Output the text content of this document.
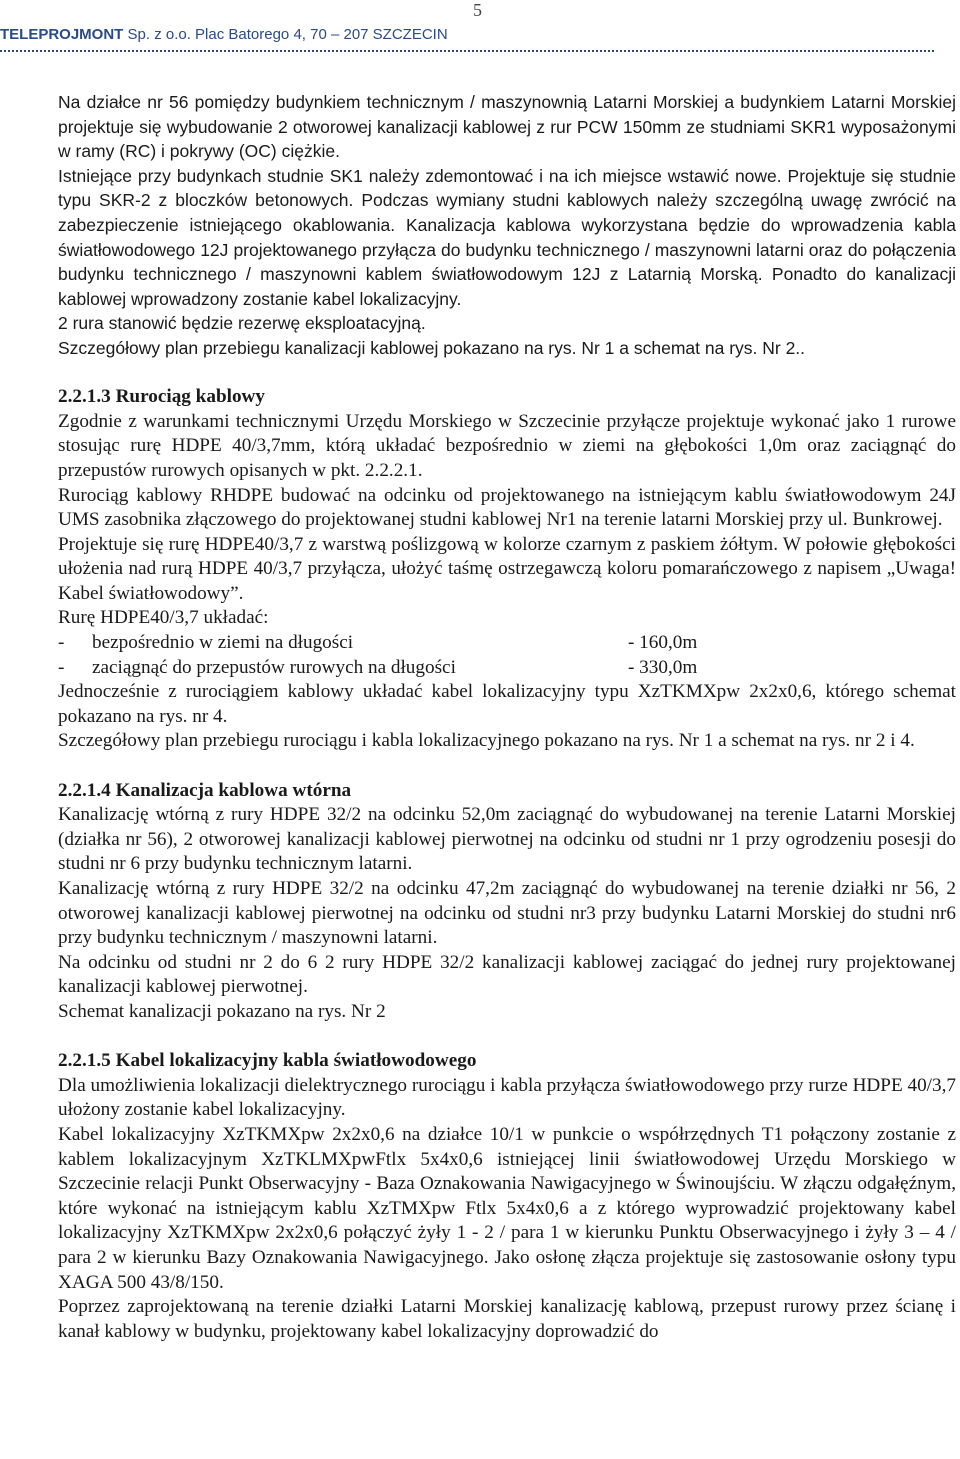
5
TELEPROJMONT Sp. z o.o. Plac Batorego 4, 70 – 207 SZCZECIN

Na działce nr 56 pomiędzy budynkiem technicznym / maszynownią Latarni Morskiej a budynkiem Latarni Morskiej projektuje się wybudowanie 2 otworowej kanalizacji kablowej z rur PCW 150mm ze studniami SKR1 wyposażonymi w ramy (RC) i pokrywy (OC) ciężkie.

Istniejące przy budynkach studnie SK1 należy zdemontować i na ich miejsce wstawić nowe. Projektuje się studnie typu SKR-2 z bloczków betonowych. Podczas wymiany studni kablowych należy szczególną uwagę zwrócić na zabezpieczenie istniejącego okablowania. Kanalizacja kablowa wykorzystana będzie do wprowadzenia kabla światłowodowego 12J projektowanego przyłącza do budynku technicznego / maszynowni latarni oraz do połączenia budynku technicznego / maszynowni kablem światłowodowym 12J z Latarnią Morską. Ponadto do kanalizacji kablowej wprowadzony zostanie kabel lokalizacyjny.

2 rura stanowić będzie rezerwę eksploatacyjną.

Szczegółowy plan przebiegu kanalizacji kablowej pokazano na rys. Nr 1 a schemat na rys. Nr 2..

2.2.1.3 Rurociąg kablowy

Zgodnie z warunkami technicznymi Urzędu Morskiego w Szczecinie przyłącze projektuje wykonać jako 1 rurowe stosując rurę HDPE 40/3,7mm, którą układać bezpośrednio w ziemi na głębokości 1,0m oraz zaciągnąć do przepustów rurowych opisanych w pkt. 2.2.2.1.

Rurociąg kablowy RHDPE budować na odcinku od projektowanego na istniejącym kablu światłowodowym 24J UMS zasobnika złączowego do projektowanej studni kablowej Nr1 na terenie latarni Morskiej przy ul. Bunkrowej.

Projektuje się rurę HDPE40/3,7 z warstwą poślizgową w kolorze czarnym z paskiem żółtym. W połowie głębokości ułożenia nad rurą HDPE 40/3,7 przyłącza, ułożyć taśmę ostrzegawczą koloru pomarańczowego z napisem „Uwaga! Kabel światłowodowy”.

Rurę HDPE40/3,7 układać:

-	bezpośrednio w ziemi na długości	- 160,0m
-	zaciągnąć do przepustów rurowych na długości	- 330,0m

Jednocześnie z rurociągiem kablowy układać kabel lokalizacyjny typu XzTKMXpw 2x2x0,6, którego schemat pokazano na rys. nr 4.

Szczegółowy plan przebiegu rurociągu i kabla lokalizacyjnego pokazano na rys. Nr 1 a schemat na rys. nr 2 i 4.

2.2.1.4 Kanalizacja kablowa wtórna

Kanalizację wtórną z rury HDPE 32/2 na odcinku 52,0m zaciągnąć do wybudowanej na terenie Latarni Morskiej (działka nr 56), 2 otworowej kanalizacji kablowej pierwotnej na odcinku od studni nr 1 przy ogrodzeniu posesji do studni nr 6 przy budynku technicznym latarni.

Kanalizację wtórną z rury HDPE 32/2 na odcinku 47,2m zaciągnąć do wybudowanej na terenie działki nr 56, 2 otworowej kanalizacji kablowej pierwotnej na odcinku od studni nr3 przy budynku Latarni Morskiej do studni nr6 przy budynku technicznym / maszynowni latarni.

Na odcinku od studni nr 2 do 6 2 rury HDPE 32/2 kanalizacji kablowej zaciągać do jednej rury projektowanej kanalizacji kablowej pierwotnej.

Schemat kanalizacji pokazano na rys. Nr 2

2.2.1.5 Kabel lokalizacyjny kabla światłowodowego

Dla umożliwienia lokalizacji dielektrycznego rurociągu i kabla przyłącza światłowodowego przy rurze HDPE 40/3,7 ułożony zostanie kabel lokalizacyjny.

Kabel lokalizacyjny XzTKMXpw 2x2x0,6 na działce 10/1 w punkcie o współrzędnych T1 połączony zostanie z kablem lokalizacyjnym XzTKLMXpwFtlx 5x4x0,6 istniejącej linii światłowodowej Urzędu Morskiego w Szczecinie relacji Punkt Obserwacyjny - Baza Oznakowania Nawigacyjnego w Świnoujściu. W złączu odgałęźnym, które wykonać na istniejącym kablu XzTMXpw Ftlx 5x4x0,6 a z którego wyprowadzić projektowany kabel lokalizacyjny XzTKMXpw 2x2x0,6 połączyć żyły 1 - 2 / para 1 w kierunku Punktu Obserwacyjnego i żyły 3 – 4 / para 2 w kierunku Bazy Oznakowania Nawigacyjnego. Jako osłonę złącza projektuje się zastosowanie osłony typu XAGA 500 43/8/150.

Poprzez zaprojektowaną na terenie działki Latarni Morskiej kanalizację kablową, przepust rurowy przez ścianę i kanał kablowy w budynku, projektowany kabel lokalizacyjny doprowadzić do
